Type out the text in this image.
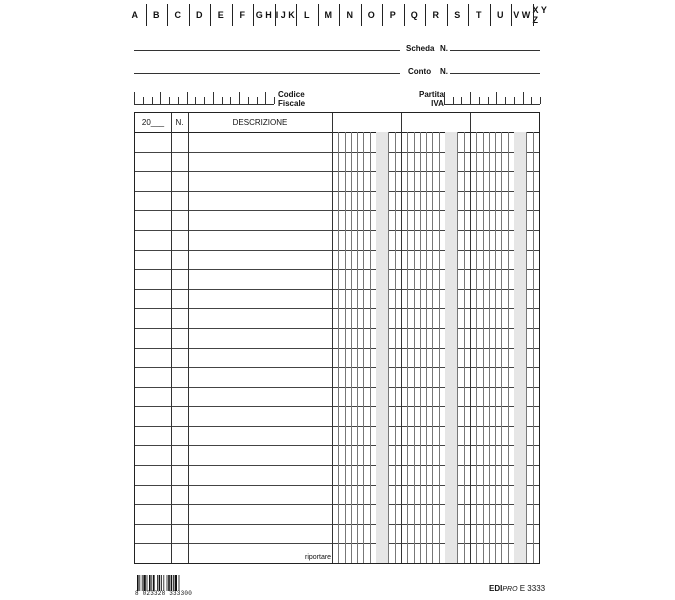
A	B	C	D	E	F	G H I J K	L	M	N	O	P	Q	R	S	T	U	V W X Y Z
Scheda N.
Conto N.
Codice
Fiscale
Partita
IVA
20___	N.	DESCRIZIONE
riportare
8 023328 333300
EDIPRO E 3333
